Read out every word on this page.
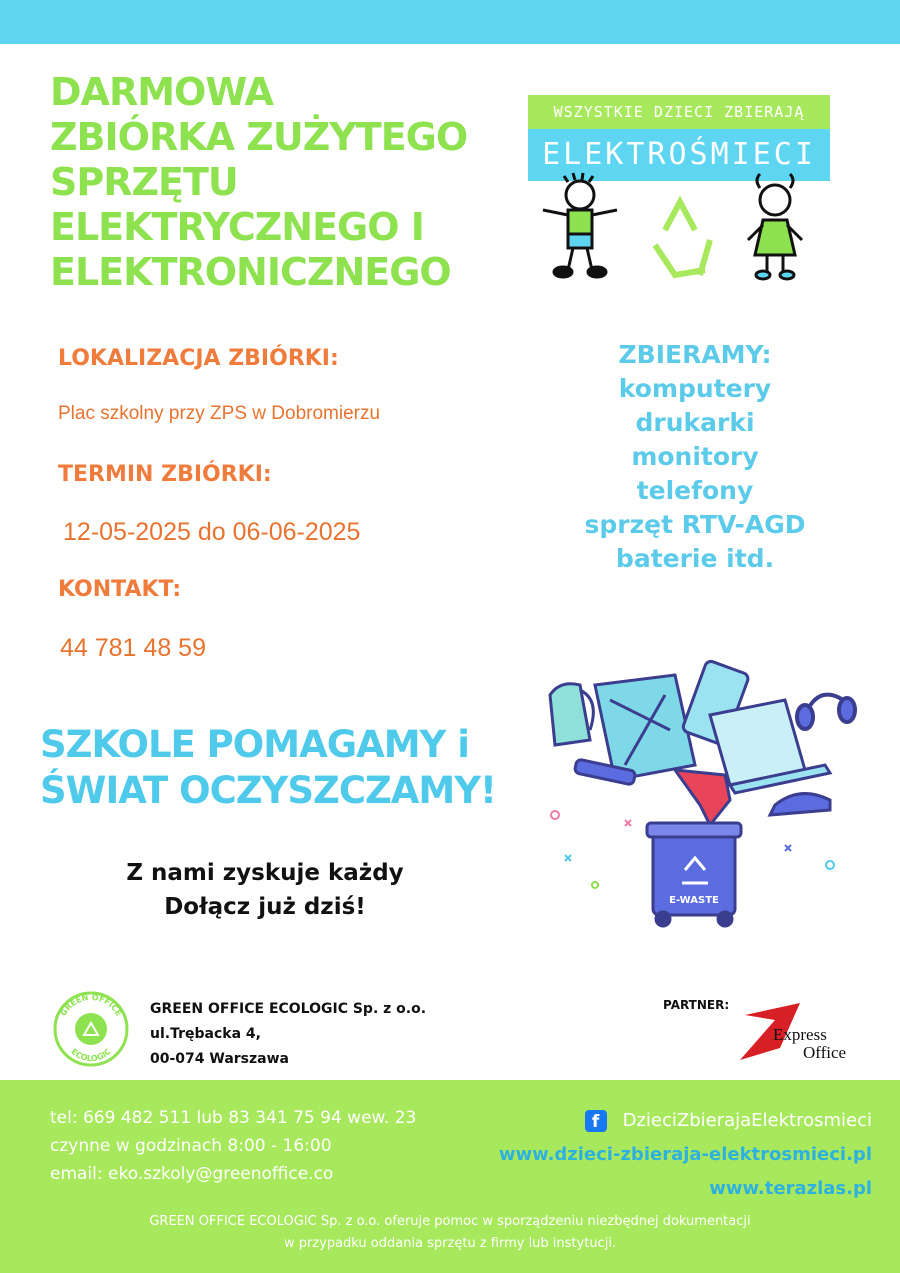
DARMOWA
ZBIÓRKA ZUŻYTEGO
SPRZĘTU
ELEKTRYCZNEGO I
ELEKTRONICZNEGO
WSZYSTKIE DZIECI ZBIERAJĄ
ELEKTROŚMIECI
LOKALIZACJA ZBIÓRKI:
Plac szkolny przy ZPS w Dobromierzu
TERMIN ZBIÓRKI:
12-05-2025 do 06-06-2025
KONTAKT:
44 781 48 59
ZBIERAMY:
komputery
drukarki
monitory
telefony
sprzęt RTV-AGD
baterie itd.
SZKOLE POMAGAMY i
ŚWIAT OCZYSZCZAMY!
E-WASTE
Z nami zyskuje każdy
Dołącz już dziś!
GREEN OFFICE
ECOLOGIC
GREEN OFFICE ECOLOGIC Sp. z o.o.
ul.Trębacka 4,
00-074 Warszawa
PARTNER:
Express
Office
tel: 669 482 511 lub 83 341 75 94 wew. 23
czynne w godzinach 8:00 - 16:00
email: eko.szkoly@greenoffice.co
f DzieciZbierajaElektrosmieci
www.dzieci-zbieraja-elektrosmieci.pl
www.terazlas.pl
GREEN OFFICE ECOLOGIC Sp. z o.o. oferuje pomoc w sporządzeniu niezbędnej dokumentacji
w przypadku oddania sprzętu z firmy lub instytucji.
